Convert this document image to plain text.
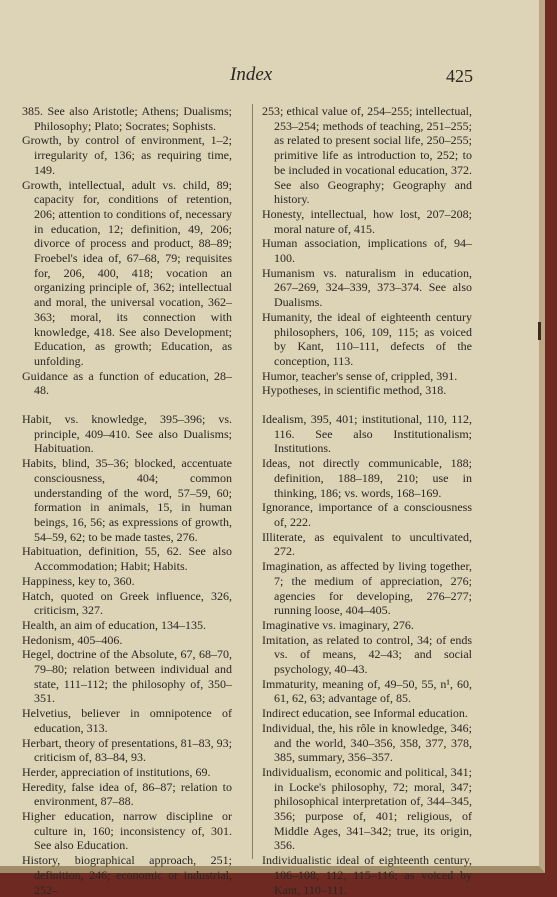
Index	425

385. See also Aristotle; Athens; Dualisms; Philosophy; Plato; Socrates; Sophists.

Growth, by control of environment, 1–2; irregularity of, 136; as requiring time, 149.

Growth, intellectual, adult vs. child, 89; capacity for, conditions of retention, 206; attention to conditions of, necessary in education, 12; definition, 49, 206; divorce of process and product, 88–89; Froebel's idea of, 67–68, 79; requisites for, 206, 400, 418; vocation an organizing principle of, 362; intellectual and moral, the universal vocation, 362–363; moral, its connection with knowledge, 418. See also Development; Education, as growth; Education, as unfolding.

Guidance as a function of education, 28–48.

Habit, vs. knowledge, 395–396; vs. principle, 409–410. See also Dualisms; Habituation.

Habits, blind, 35–36; blocked, accentuate consciousness, 404; common understanding of the word, 57–59, 60; formation in animals, 15, in human beings, 16, 56; as expressions of growth, 54–59, 62; to be made tastes, 276.

Habituation, definition, 55, 62. See also Accommodation; Habit; Habits.

Happiness, key to, 360.

Hatch, quoted on Greek influence, 326, criticism, 327.

Health, an aim of education, 134–135.

Hedonism, 405–406.

Hegel, doctrine of the Absolute, 67, 68–70, 79–80; relation between individual and state, 111–112; the philosophy of, 350–351.

Helvetius, believer in omnipotence of education, 313.

Herbart, theory of presentations, 81–83, 93; criticism of, 83–84, 93.

Herder, appreciation of institutions, 69.

Heredity, false idea of, 86–87; relation to environment, 87–88.

Higher education, narrow discipline or culture in, 160; inconsistency of, 301. See also Education.

History, biographical approach, 251; definition, 246; economic or industrial, 252–

253; ethical value of, 254–255; intellectual, 253–254; methods of teaching, 251–255; as related to present social life, 250–255; primitive life as introduction to, 252; to be included in vocational education, 372. See also Geography; Geography and history.

Honesty, intellectual, how lost, 207–208; moral nature of, 415.

Human association, implications of, 94–100.

Humanism vs. naturalism in education, 267–269, 324–339, 373–374. See also Dualisms.

Humanity, the ideal of eighteenth century philosophers, 106, 109, 115; as voiced by Kant, 110–111, defects of the conception, 113.

Humor, teacher's sense of, crippled, 391.

Hypotheses, in scientific method, 318.

Idealism, 395, 401; institutional, 110, 112, 116. See also Institutionalism; Institutions.

Ideas, not directly communicable, 188; definition, 188–189, 210; use in thinking, 186; vs. words, 168–169.

Ignorance, importance of a consciousness of, 222.

Illiterate, as equivalent to uncultivated, 272.

Imagination, as affected by living together, 7; the medium of appreciation, 276; agencies for developing, 276–277; running loose, 404–405.

Imaginative vs. imaginary, 276.

Imitation, as related to control, 34; of ends vs. of means, 42–43; and social psychology, 40–43.

Immaturity, meaning of, 49–50, 55, n¹, 60, 61, 62, 63; advantage of, 85.

Indirect education, see Informal education.

Individual, the, his rôle in knowledge, 346; and the world, 340–356, 358, 377, 378, 385, summary, 356–357.

Individualism, economic and political, 341; in Locke's philosophy, 72; moral, 347; philosophical interpretation of, 344–345, 356; purpose of, 401; religious, of Middle Ages, 341–342; true, its origin, 356.

Individualistic ideal of eighteenth century, 106–108, 112, 115–116; as voiced by Kant, 110–111.
